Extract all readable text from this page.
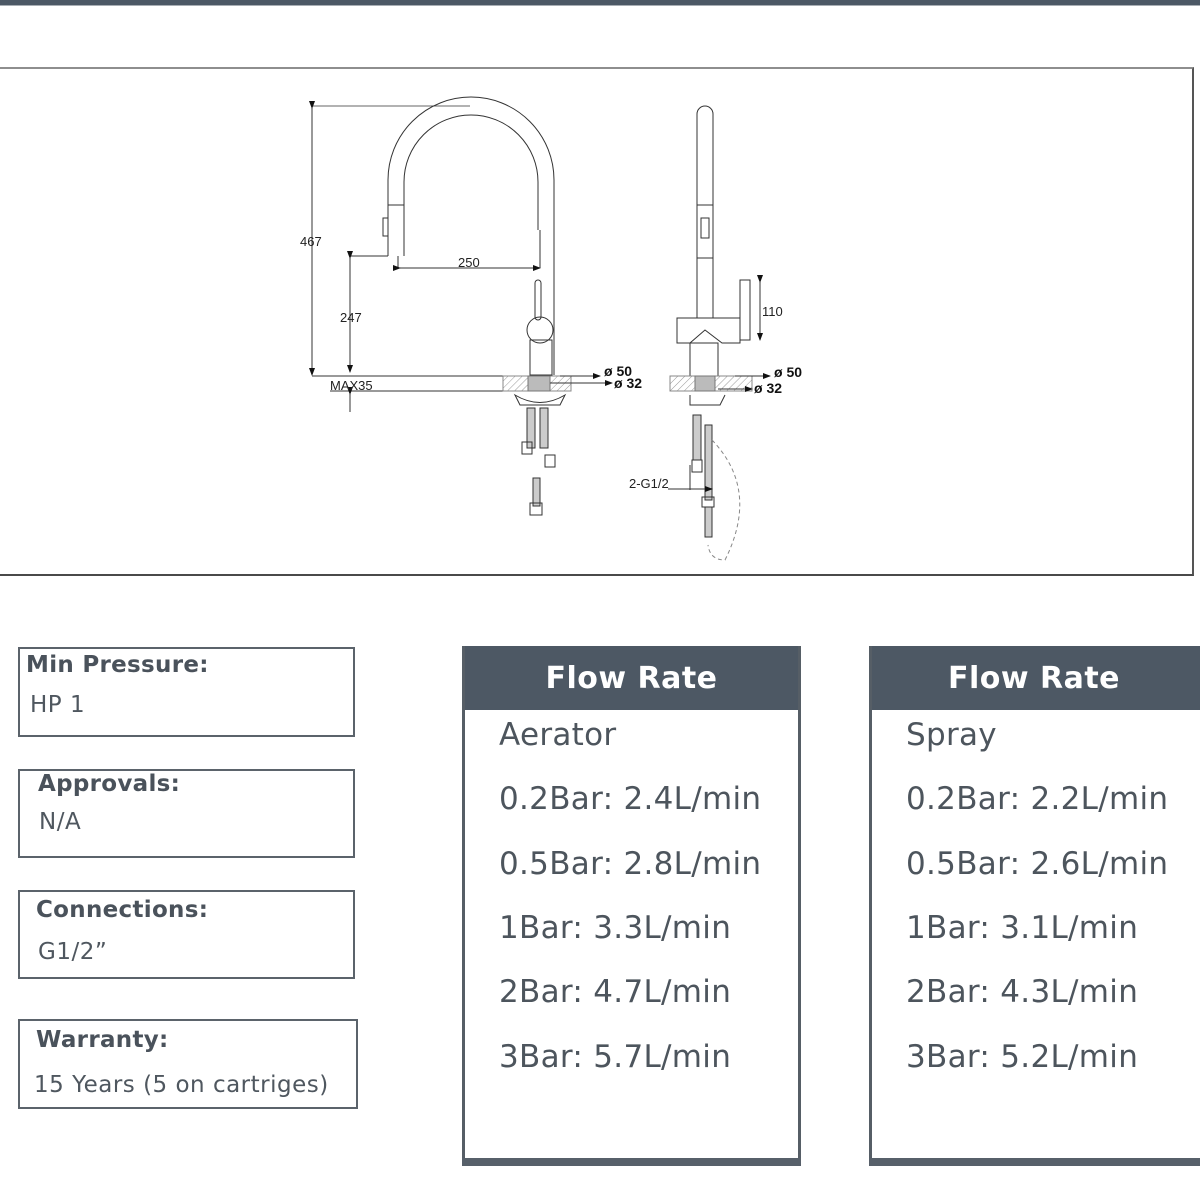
467
250
247
MAX35
ø 50
ø 32
110
ø 50
ø 32
2-G1/2
Min Pressure:
HP 1
Approvals:
N/A
Connections:
G1/2”
Warranty:
15 Years (5 on cartriges)
Flow Rate
Aerator
0.2Bar: 2.4L/min
0.5Bar: 2.8L/min
1Bar: 3.3L/min
2Bar: 4.7L/min
3Bar: 5.7L/min
Flow Rate
Spray
0.2Bar: 2.2L/min
0.5Bar: 2.6L/min
1Bar: 3.1L/min
2Bar: 4.3L/min
3Bar: 5.2L/min
